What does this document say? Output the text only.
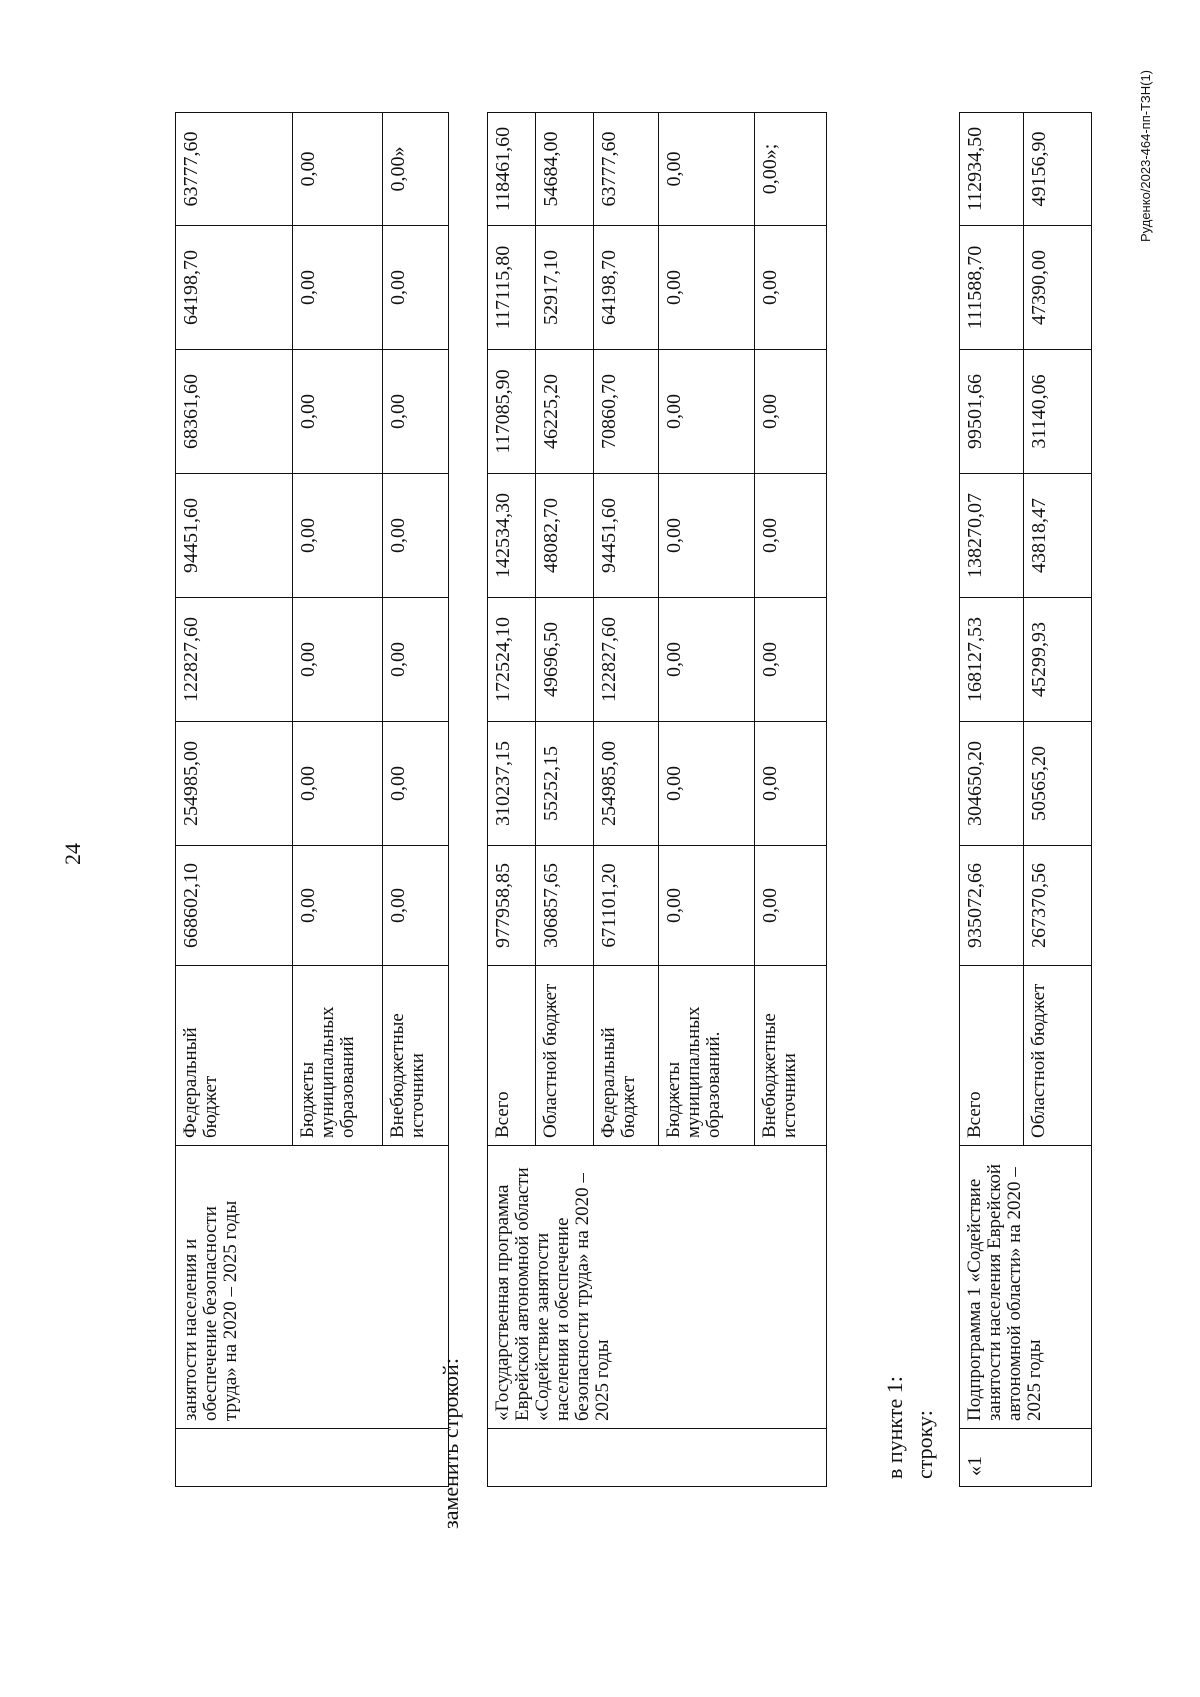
24
	занятости населения и обеспечение безопасности труда» на 2020 – 2025 годы	Федеральный бюджет	668602,10	254985,00	122827,60	94451,60	68361,60	64198,70	63777,60
		Бюджеты муниципальных образований	0,00	0,00	0,00	0,00	0,00	0,00	0,00
		Внебюджетные источники	0,00	0,00	0,00	0,00	0,00	0,00	0,00»
заменить строкой:
	«Государственная программа Еврейской автономной области «Содействие занятости населения и обеспечение безопасности труда» на 2020 – 2025 годы	Всего	977958,85	310237,15	172524,10	142534,30	117085,90	117115,80	118461,60
		Областной бюджет	306857,65	55252,15	49696,50	48082,70	46225,20	52917,10	54684,00
		Федеральный бюджет	671101,20	254985,00	122827,60	94451,60	70860,70	64198,70	63777,60
		Бюджеты муниципальных образований.	0,00	0,00	0,00	0,00	0,00	0,00	0,00
		Внебюджетные источники	0,00	0,00	0,00	0,00	0,00	0,00	0,00»;
в пункте 1: строку: «1	Подпрограмма 1 «Содействие занятости населения Еврейской автономной области» на 2020 – 2025 годы	Всего	935072,66	304650,20	168127,53	138270,07	99501,66	111588,70	112934,50
		Областной бюджет	267370,56	50565,20	45299,93	43818,47	31140,06	47390,00	49156,90	Руденко/2023-464-пп-ТЗН(1)
